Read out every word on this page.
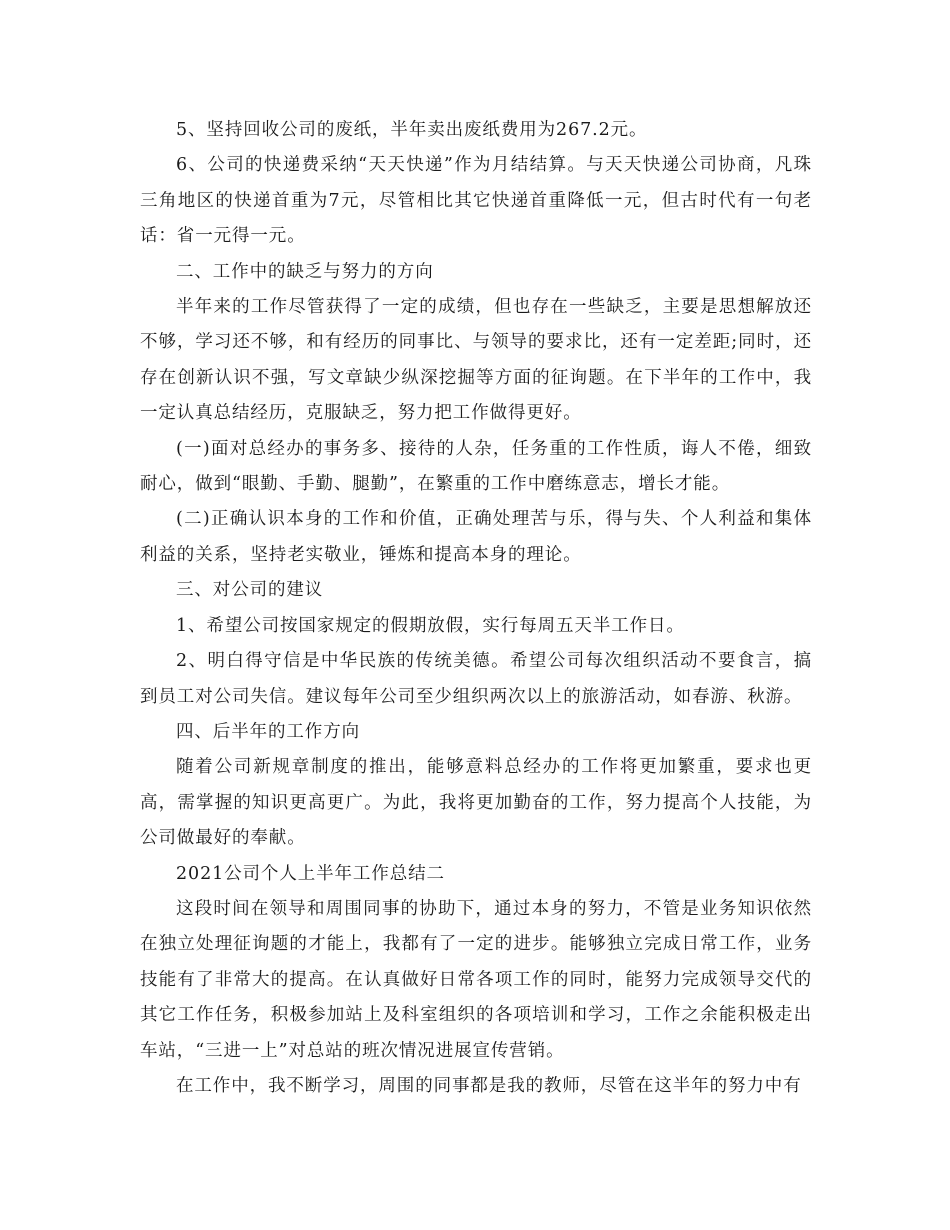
5、坚持回收公司的废纸，半年卖出废纸费用为267.2元。

6、公司的快递费采纳“天天快递”作为月结结算。与天天快递公司协商，凡珠三角地区的快递首重为7元，尽管相比其它快递首重降低一元，但古时代有一句老话：省一元得一元。

二、工作中的缺乏与努力的方向

半年来的工作尽管获得了一定的成绩，但也存在一些缺乏，主要是思想解放还不够，学习还不够，和有经历的同事比、与领导的要求比，还有一定差距;同时，还存在创新认识不强，写文章缺少纵深挖掘等方面的征询题。在下半年的工作中，我一定认真总结经历，克服缺乏，努力把工作做得更好。

(一)面对总经办的事务多、接待的人杂，任务重的工作性质，诲人不倦，细致耐心，做到“眼勤、手勤、腿勤”，在繁重的工作中磨练意志，增长才能。

(二)正确认识本身的工作和价值，正确处理苦与乐，得与失、个人利益和集体利益的关系，坚持老实敬业，锤炼和提高本身的理论。

三、对公司的建议

1、希望公司按国家规定的假期放假，实行每周五天半工作日。

2、明白得守信是中华民族的传统美德。希望公司每次组织活动不要食言，搞到员工对公司失信。建议每年公司至少组织两次以上的旅游活动，如春游、秋游。

四、后半年的工作方向

随着公司新规章制度的推出，能够意料总经办的工作将更加繁重，要求也更高，需掌握的知识更高更广。为此，我将更加勤奋的工作，努力提高个人技能，为公司做最好的奉献。

2021公司个人上半年工作总结二

这段时间在领导和周围同事的协助下，通过本身的努力，不管是业务知识依然在独立处理征询题的才能上，我都有了一定的进步。能够独立完成日常工作，业务技能有了非常大的提高。在认真做好日常各项工作的同时，能努力完成领导交代的其它工作任务，积极参加站上及科室组织的各项培训和学习，工作之余能积极走出车站，“三进一上”对总站的班次情况进展宣传营销。

在工作中，我不断学习，周围的同事都是我的教师，尽管在这半年的努力中有
